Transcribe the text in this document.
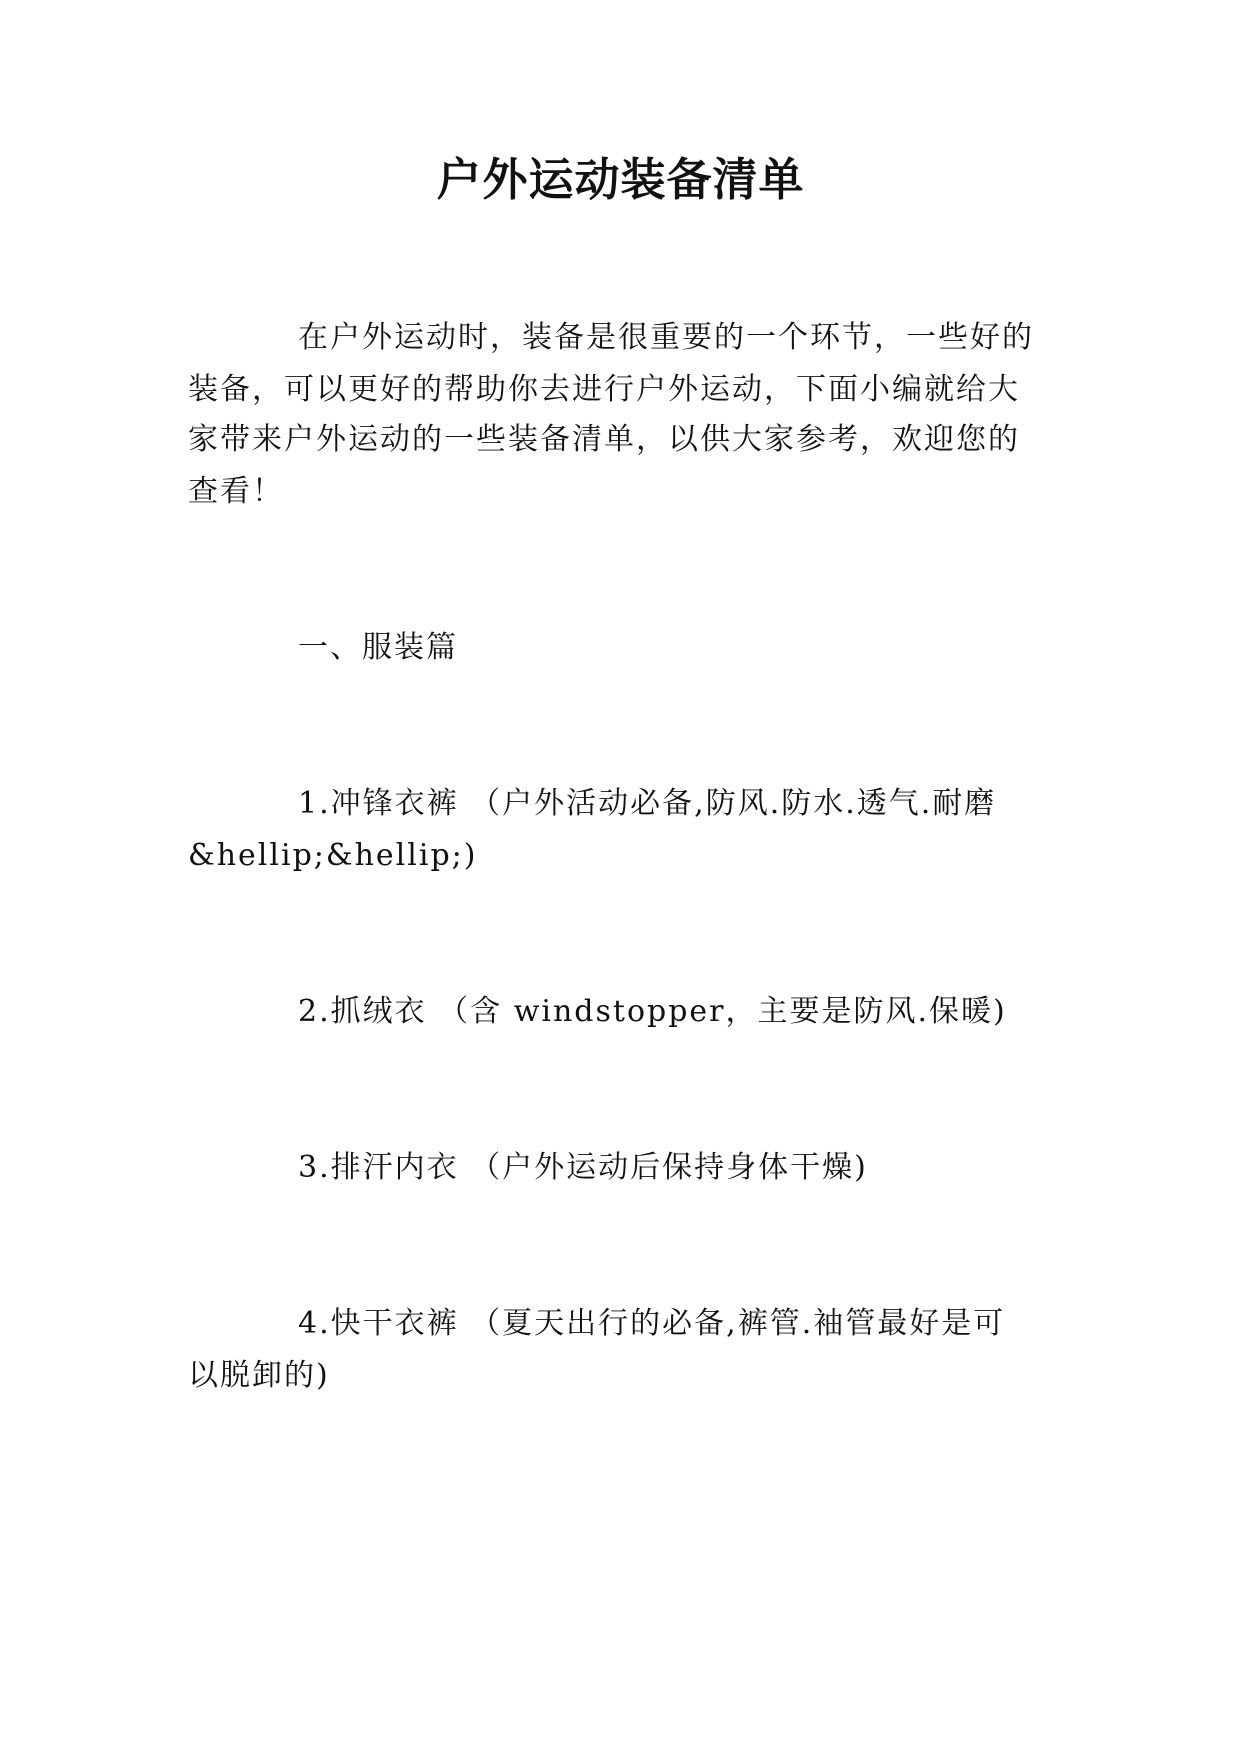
户外运动装备清单
在户外运动时，装备是很重要的一个环节，一些好的
装备，可以更好的帮助你去进行户外运动，下面小编就给大
家带来户外运动的一些装备清单，以供大家参考，欢迎您的
查看！
一、服装篇
1.冲锋衣裤 （户外活动必备,防风.防水.透气.耐磨
&hellip;&hellip;)
2.抓绒衣 （含 windstopper，主要是防风.保暖)
3.排汗内衣 （户外运动后保持身体干燥)
4.快干衣裤 （夏天出行的必备,裤管.袖管最好是可
以脱卸的)
